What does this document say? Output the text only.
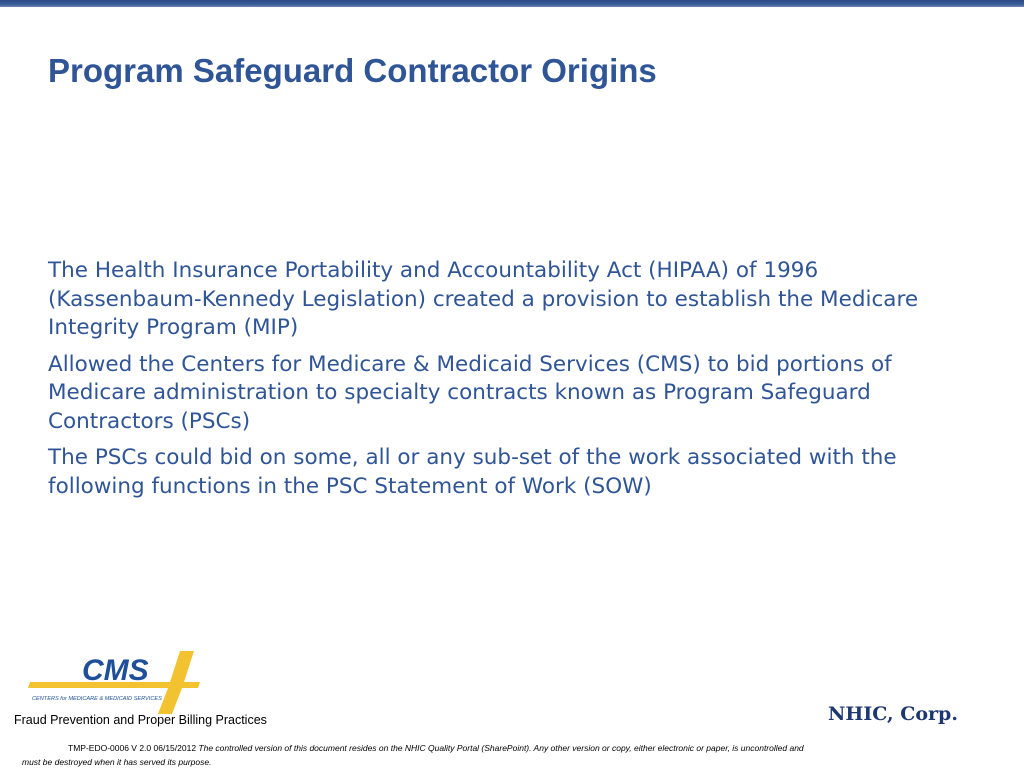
Program Safeguard Contractor Origins

The Health Insurance Portability and Accountability Act (HIPAA) of 1996 (Kassenbaum-Kennedy Legislation) created a provision to establish the Medicare Integrity Program (MIP)

Allowed the Centers for Medicare & Medicaid Services (CMS) to bid portions of Medicare administration to specialty contracts known as Program Safeguard Contractors (PSCs)

The PSCs could bid on some, all or any sub-set of the work associated with the following functions in the PSC Statement of Work (SOW)

CMS
CENTERS for MEDICARE & MEDICAID SERVICES
Fraud Prevention and Proper Billing Practices	NHIC, Corp.
TMP-EDO-0006 V 2.0 06/15/2012 The controlled version of this document resides on the NHIC Quality Portal (SharePoint). Any other version or copy, either electronic or paper, is uncontrolled and
must be destroyed when it has served its purpose.
